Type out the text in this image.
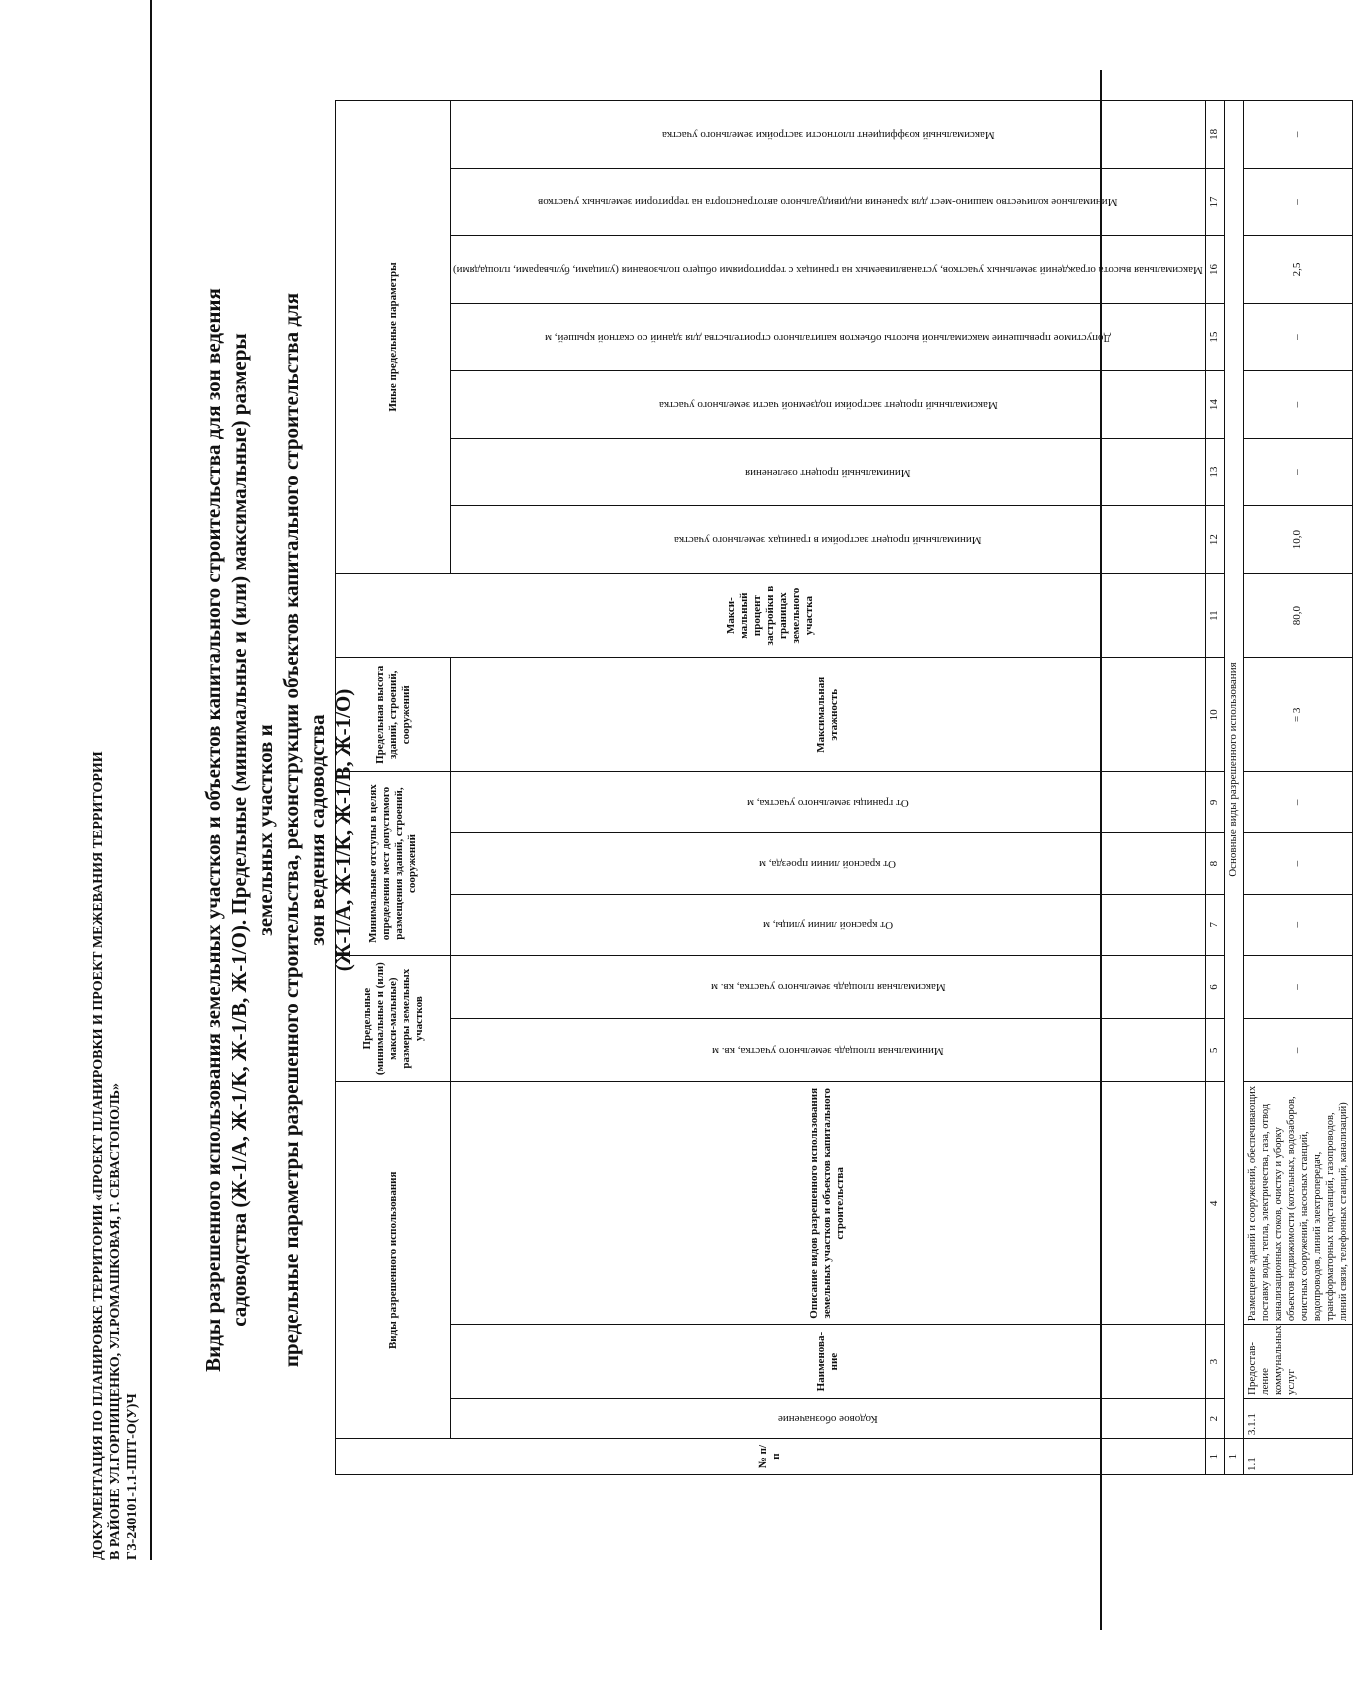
ДОКУМЕНТАЦИЯ ПО ПЛАНИРОВКЕ ТЕРРИТОРИИ «ПРОЕКТ ПЛАНИРОВКИ И ПРОЕКТ МЕЖЕВАНИЯ ТЕРРИТОРИИ В РАЙОНЕ УЛ.ГОРПИЩЕНКО, УЛ.РОМАШКОВАЯ, Г. СЕВАСТОПОЛЬ» ГЗ-240101-1.1-ППТ-О(У)Ч
Виды разрешенного использования земельных участков и объектов капитального строительства для зон ведения садоводства (Ж-1/А, Ж-1/К, Ж-1/В, Ж-1/О). Предельные (минимальные и (или) максимальные) размеры земельных участков и предельные параметры разрешенного строительства, реконструкции объектов капитального строительства для зон ведения садоводства (Ж-1/А, Ж-1/К, Ж-1/В, Ж-1/О)
№ п/п	Виды разрешенного использования			Предельные (минимальные и (или) макси-мальные) размеры земельных участков		Минимальные отступы в целях определения мест допустимого размещения зданий, строений, сооружений			Предельная высота зданий, строений, сооружений	Макси-мальный процент застройки в границах земельного участка	Иные предельные параметры						

	Кодовое обозначение	Наименова-ние	Описание видов разрешенного использования земельных участков и объектов капитального строительства						Максимальная этажность		Минимальный процент застройки в границах земельного участка	Минимальный процент озеленения	Максимальный процент застройки подземной части земельного участка	Допустимое превышение максимальной высоты объектов капитального строительства для зданий со скатной крышей, м	Максимальная высота ограждений земельных участков, устанавливаемых на границах с территориями общего пользования (улицами, бульварами, площадями)	Минимальное количество машино-мест для хранения индивидуального автотранспорта на территории земельных участков	Максимальный коэффициент плотности застройки земельного участка

				Минимальная площадь земельного участка, кв. м	Максимальная площадь земельного участка, кв. м	От красной линии улицы, м	От красной линии проезда, м	От границы земельного участка, м									

1	2	3	4	5	6	7	8	9	10	11	12	13	14	15	16	17	18
1	Основные виды разрешенного использования																
1.1	3.1.1	Предостав-ление коммунальных услуг	Размещение зданий и сооружений, обеспечивающих поставку воды, тепла, электричества, газа, отвод канализационных стоков, очистку и уборку объектов недвижимости (котельных, водозаборов, очистных сооружений, насосных станций, водопроводов, линий электропередач, трансформаторных подстанций, газопроводов, линий связи, телефонных станций, канализаций)	–	–	–	–	–	= 3	80,0	10,0	–	–	–	2,5	–	–
